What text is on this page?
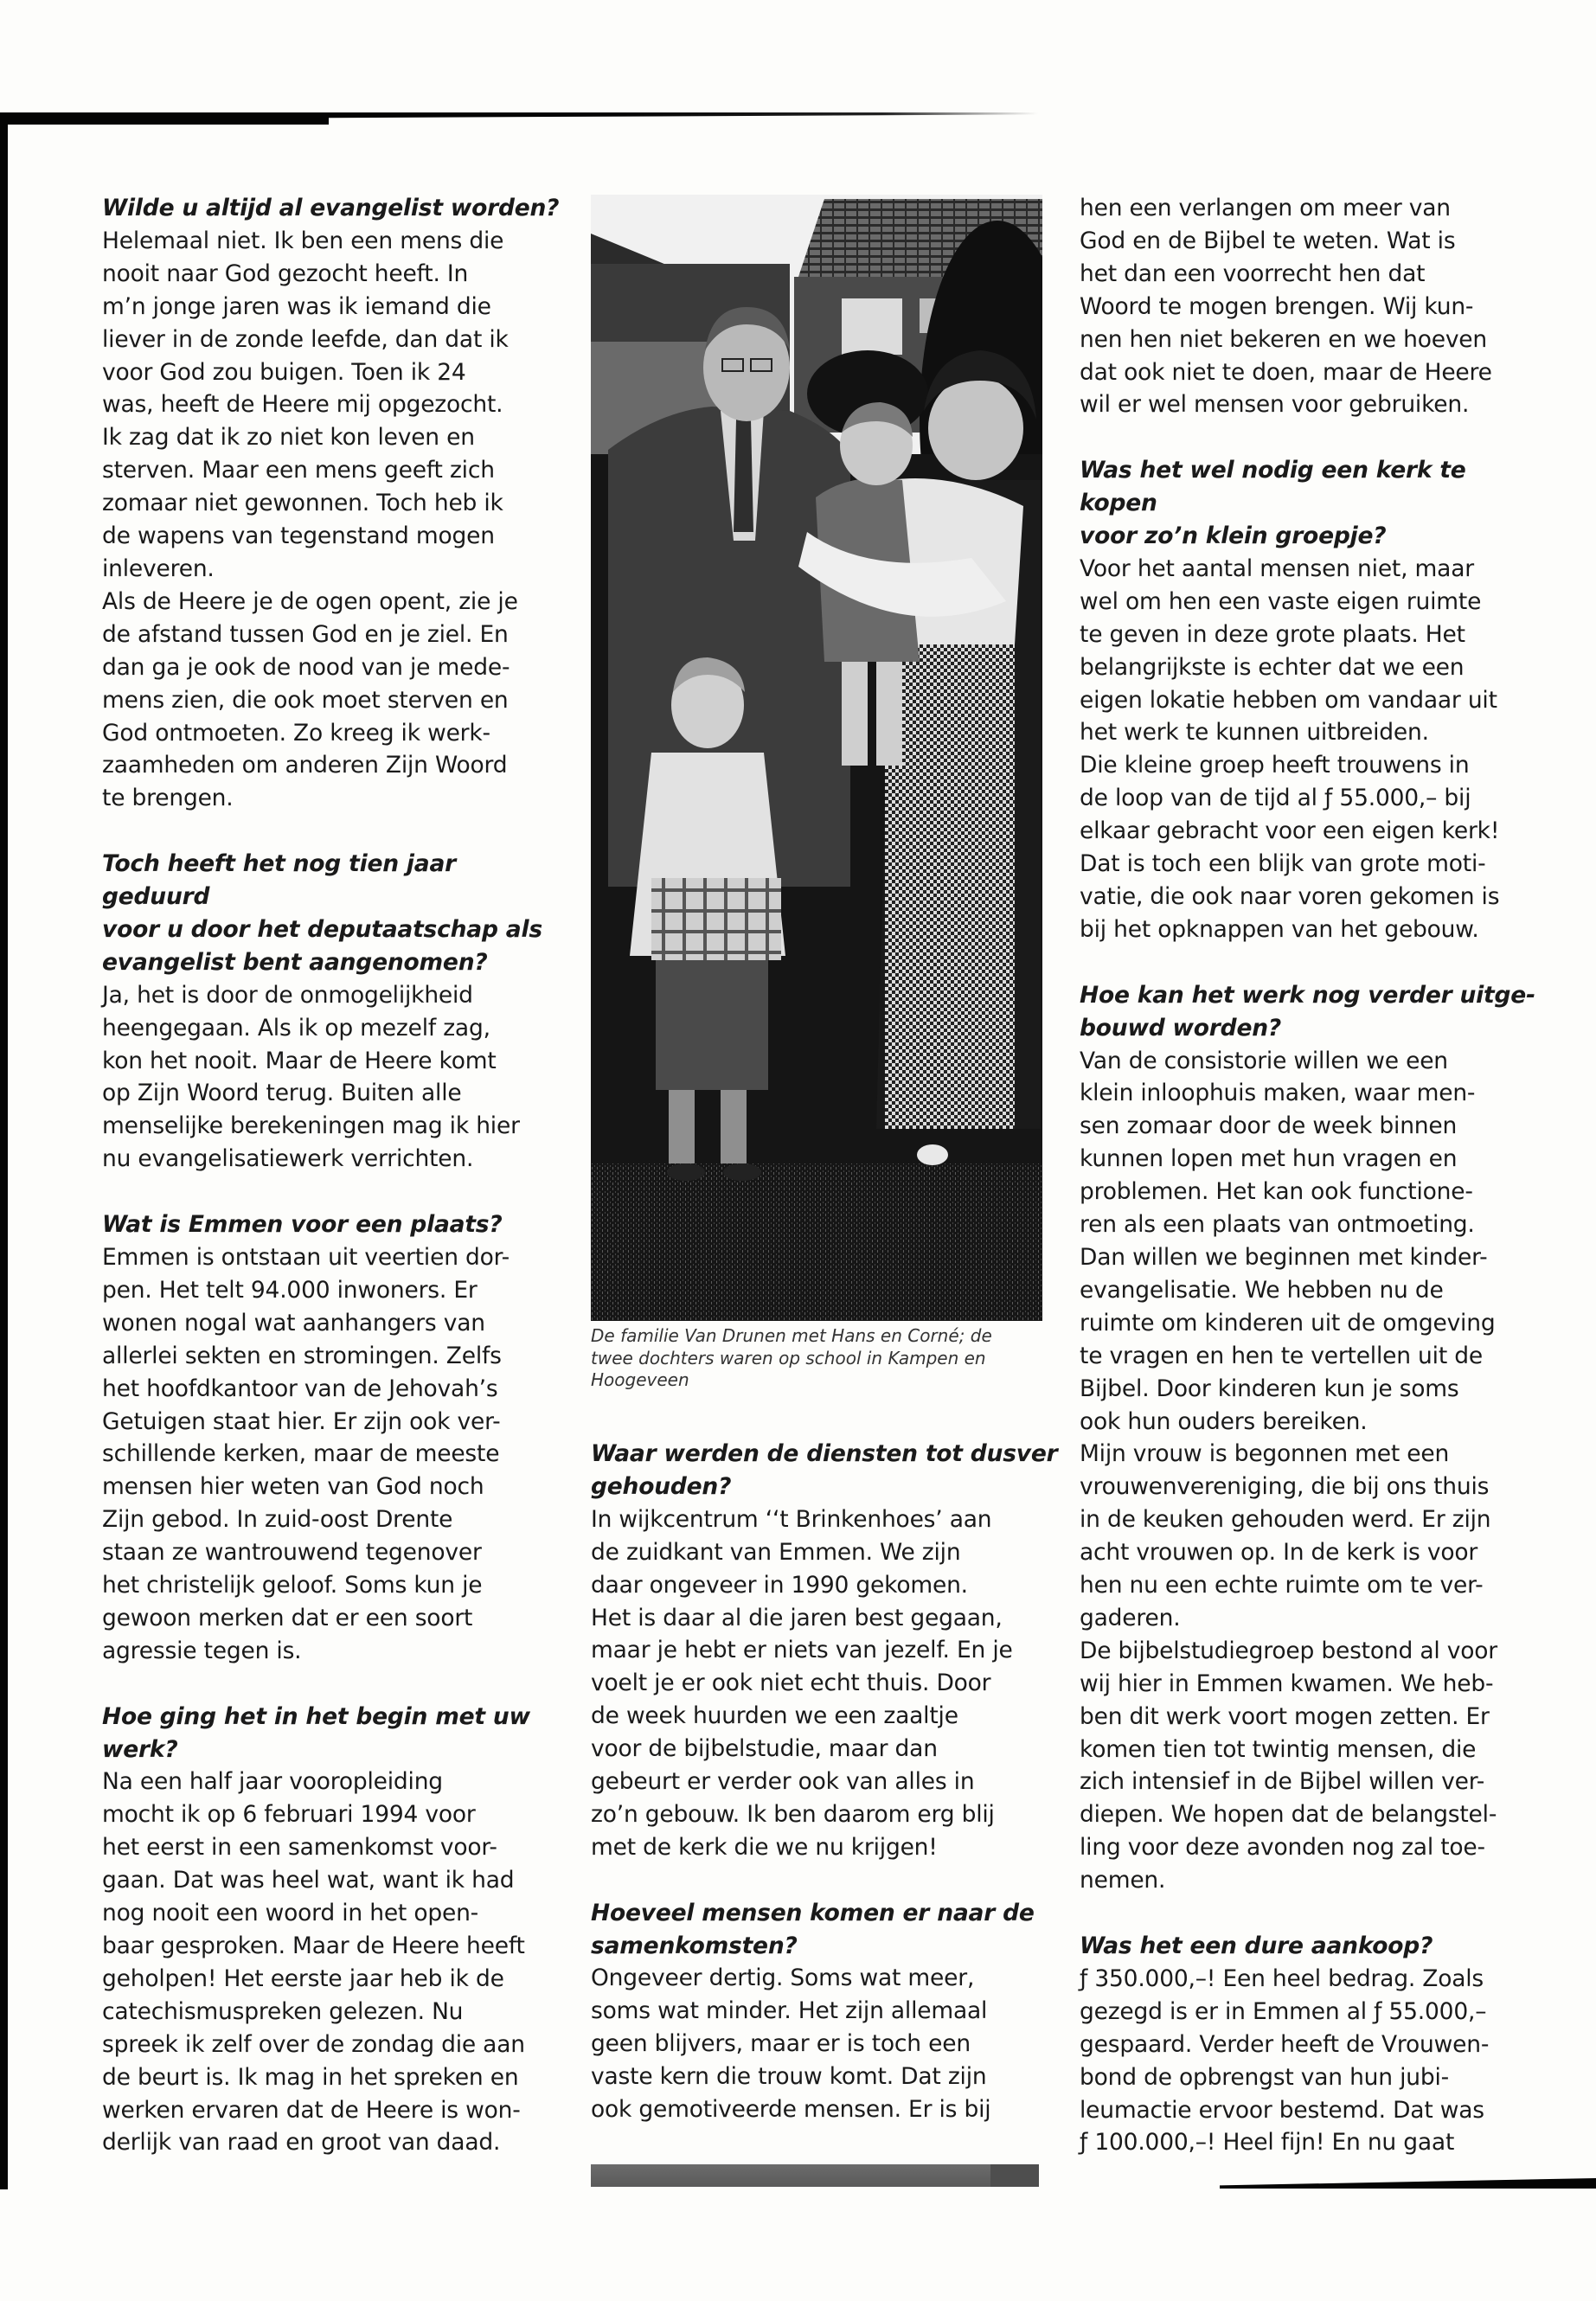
Wilde u altijd al evangelist worden?
Helemaal niet. Ik ben een mens die
nooit naar God gezocht heeft. In
m’n jonge jaren was ik iemand die
liever in de zonde leefde, dan dat ik
voor God zou buigen. Toen ik 24
was, heeft de Heere mij opgezocht.
Ik zag dat ik zo niet kon leven en
sterven. Maar een mens geeft zich
zomaar niet gewonnen. Toch heb ik
de wapens van tegenstand mogen
inleveren.
Als de Heere je de ogen opent, zie je
de afstand tussen God en je ziel. En
dan ga je ook de nood van je mede-
mens zien, die ook moet sterven en
God ontmoeten. Zo kreeg ik werk-
zaamheden om anderen Zijn Woord
te brengen.
Toch heeft het nog tien jaar geduurd
voor u door het deputaatschap als
evangelist bent aangenomen?
Ja, het is door de onmogelijkheid
heengegaan. Als ik op mezelf zag,
kon het nooit. Maar de Heere komt
op Zijn Woord terug. Buiten alle
menselijke berekeningen mag ik hier
nu evangelisatiewerk verrichten.
Wat is Emmen voor een plaats?
Emmen is ontstaan uit veertien dor-
pen. Het telt 94.000 inwoners. Er
wonen nogal wat aanhangers van
allerlei sekten en stromingen. Zelfs
het hoofdkantoor van de Jehovah’s
Getuigen staat hier. Er zijn ook ver-
schillende kerken, maar de meeste
mensen hier weten van God noch
Zijn gebod. In zuid-oost Drente
staan ze wantrouwend tegenover
het christelijk geloof. Soms kun je
gewoon merken dat er een soort
agressie tegen is.
Hoe ging het in het begin met uw
werk?
Na een half jaar vooropleiding
mocht ik op 6 februari 1994 voor
het eerst in een samenkomst voor-
gaan. Dat was heel wat, want ik had
nog nooit een woord in het open-
baar gesproken. Maar de Heere heeft
geholpen! Het eerste jaar heb ik de
catechismuspreken gelezen. Nu
spreek ik zelf over de zondag die aan
de beurt is. Ik mag in het spreken en
werken ervaren dat de Heere is won-
derlijk van raad en groot van daad.
De familie Van Drunen met Hans en Corné; de
twee dochters waren op school in Kampen en
Hoogeveen
Waar werden de diensten tot dusver
gehouden?
In wijkcentrum ‘‘t Brinkenhoes’ aan
de zuidkant van Emmen. We zijn
daar ongeveer in 1990 gekomen.
Het is daar al die jaren best gegaan,
maar je hebt er niets van jezelf. En je
voelt je er ook niet echt thuis. Door
de week huurden we een zaaltje
voor de bijbelstudie, maar dan
gebeurt er verder ook van alles in
zo’n gebouw. Ik ben daarom erg blij
met de kerk die we nu krijgen!
Hoeveel mensen komen er naar de
samenkomsten?
Ongeveer dertig. Soms wat meer,
soms wat minder. Het zijn allemaal
geen blijvers, maar er is toch een
vaste kern die trouw komt. Dat zijn
ook gemotiveerde mensen. Er is bij
hen een verlangen om meer van
God en de Bijbel te weten. Wat is
het dan een voorrecht hen dat
Woord te mogen brengen. Wij kun-
nen hen niet bekeren en we hoeven
dat ook niet te doen, maar de Heere
wil er wel mensen voor gebruiken.
Was het wel nodig een kerk te kopen
voor zo’n klein groepje?
Voor het aantal mensen niet, maar
wel om hen een vaste eigen ruimte
te geven in deze grote plaats. Het
belangrijkste is echter dat we een
eigen lokatie hebben om vandaar uit
het werk te kunnen uitbreiden.
Die kleine groep heeft trouwens in
de loop van de tijd al ƒ 55.000,– bij
elkaar gebracht voor een eigen kerk!
Dat is toch een blijk van grote moti-
vatie, die ook naar voren gekomen is
bij het opknappen van het gebouw.
Hoe kan het werk nog verder uitge-
bouwd worden?
Van de consistorie willen we een
klein inloophuis maken, waar men-
sen zomaar door de week binnen
kunnen lopen met hun vragen en
problemen. Het kan ook functione-
ren als een plaats van ontmoeting.
Dan willen we beginnen met kinder-
evangelisatie. We hebben nu de
ruimte om kinderen uit de omgeving
te vragen en hen te vertellen uit de
Bijbel. Door kinderen kun je soms
ook hun ouders bereiken.
Mijn vrouw is begonnen met een
vrouwenvereniging, die bij ons thuis
in de keuken gehouden werd. Er zijn
acht vrouwen op. In de kerk is voor
hen nu een echte ruimte om te ver-
gaderen.
De bijbelstudiegroep bestond al voor
wij hier in Emmen kwamen. We heb-
ben dit werk voort mogen zetten. Er
komen tien tot twintig mensen, die
zich intensief in de Bijbel willen ver-
diepen. We hopen dat de belangstel-
ling voor deze avonden nog zal toe-
nemen.
Was het een dure aankoop?
ƒ 350.000,–! Een heel bedrag. Zoals
gezegd is er in Emmen al ƒ 55.000,–
gespaard. Verder heeft de Vrouwen-
bond de opbrengst van hun jubi-
leumactie ervoor bestemd. Dat was
ƒ 100.000,–! Heel fijn! En nu gaat
